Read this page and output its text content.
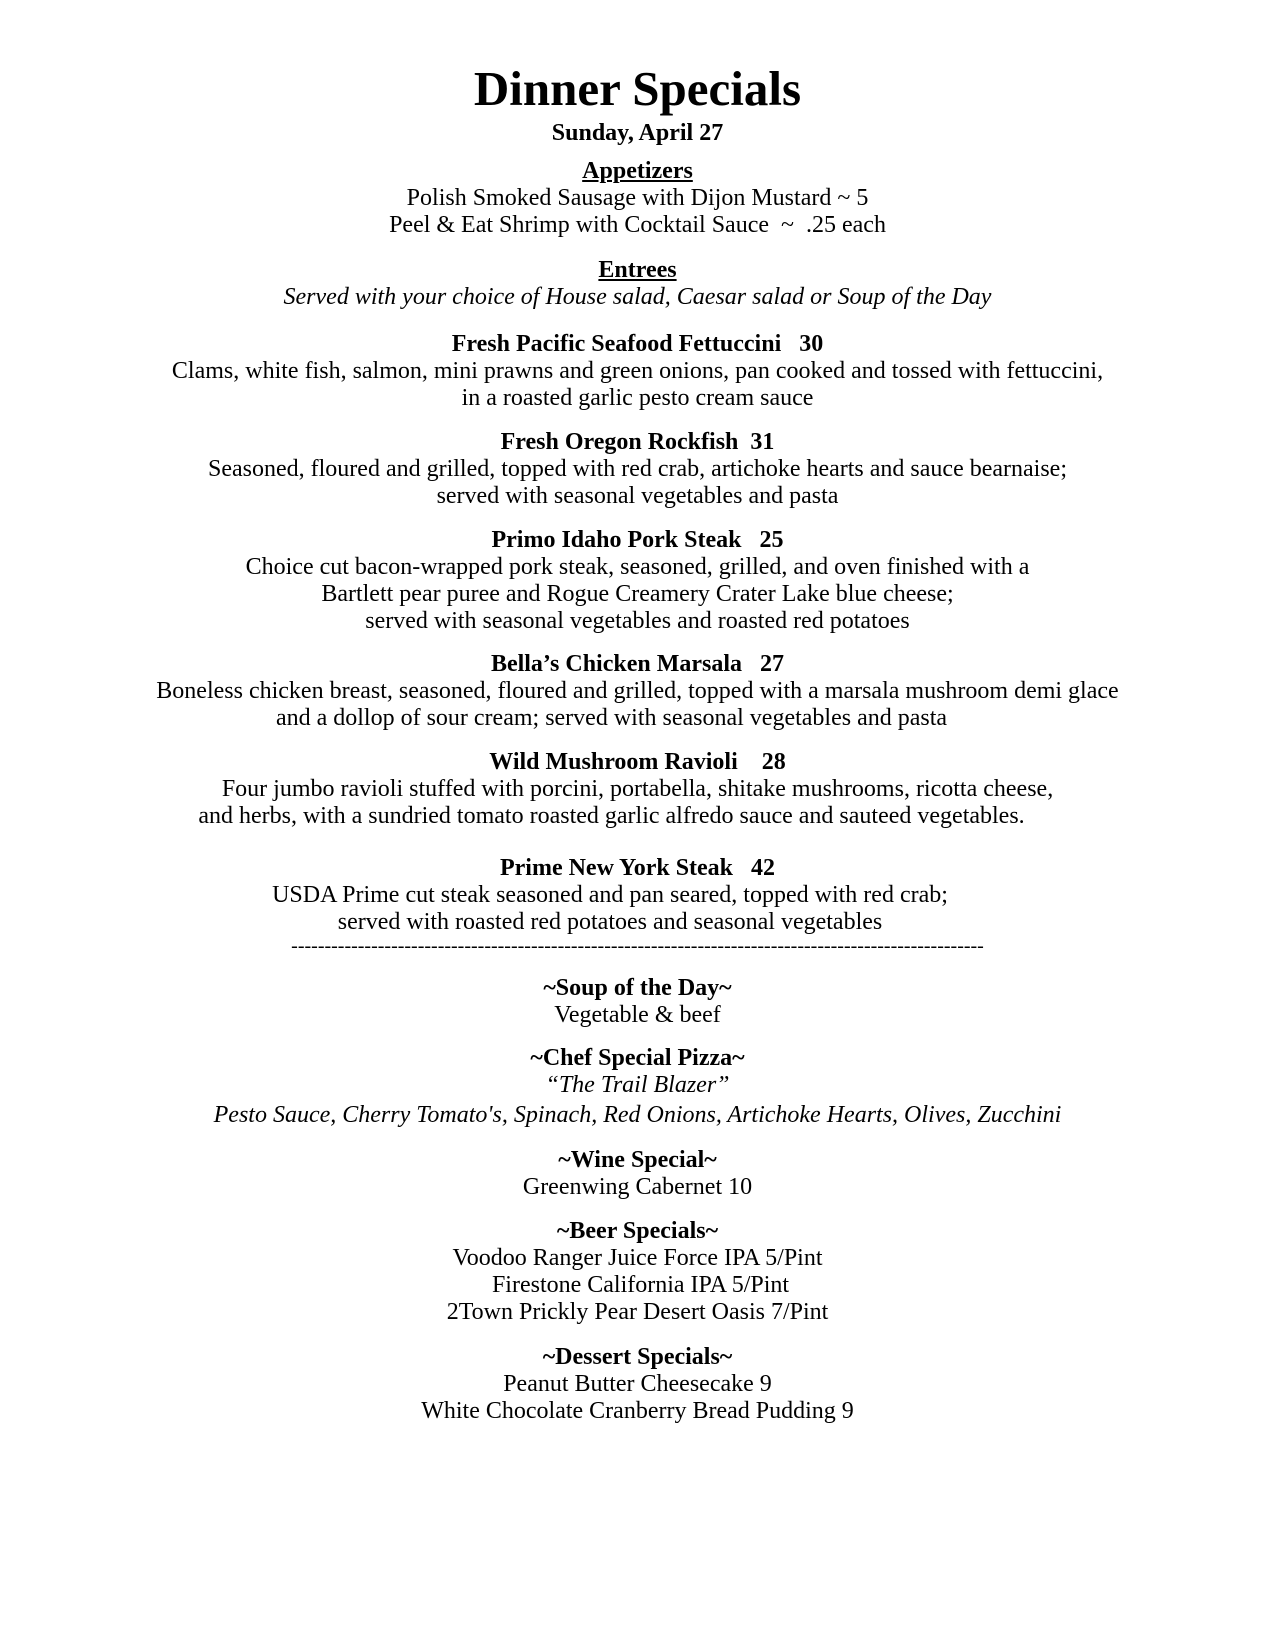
Dinner Specials
Sunday, April 27
Appetizers
Polish Smoked Sausage with Dijon Mustard ~ 5
Peel & Eat Shrimp with Cocktail Sauce  ~  .25 each
Entrees
Served with your choice of House salad, Caesar salad or Soup of the Day
Fresh Pacific Seafood Fettuccini   30
Clams, white fish, salmon, mini prawns and green onions, pan cooked and tossed with fettuccini,
in a roasted garlic pesto cream sauce
Fresh Oregon Rockfish  31
Seasoned, floured and grilled, topped with red crab, artichoke hearts and sauce bearnaise;
served with seasonal vegetables and pasta
Primo Idaho Pork Steak   25
Choice cut bacon-wrapped pork steak, seasoned, grilled, and oven finished with a
Bartlett pear puree and Rogue Creamery Crater Lake blue cheese;
served with seasonal vegetables and roasted red potatoes
Bella’s Chicken Marsala   27
Boneless chicken breast, seasoned, floured and grilled, topped with a marsala mushroom demi glace
and a dollop of sour cream; served with seasonal vegetables and pasta
Wild Mushroom Ravioli    28
Four jumbo ravioli stuffed with porcini, portabella, shitake mushrooms, ricotta cheese,
and herbs, with a sundried tomato roasted garlic alfredo sauce and sauteed vegetables.
Prime New York Steak   42
USDA Prime cut steak seasoned and pan seared, topped with red crab;
served with roasted red potatoes and seasonal vegetables
--------------------------------------------------------------------------------------------------------
~Soup of the Day~
Vegetable & beef
~Chef Special Pizza~
“The Trail Blazer”
Pesto Sauce, Cherry Tomato's, Spinach, Red Onions, Artichoke Hearts, Olives, Zucchini
~Wine Special~
Greenwing Cabernet 10
~Beer Specials~
Voodoo Ranger Juice Force IPA 5/Pint
Firestone California IPA 5/Pint
2Town Prickly Pear Desert Oasis 7/Pint
~Dessert Specials~
Peanut Butter Cheesecake 9
White Chocolate Cranberry Bread Pudding 9
